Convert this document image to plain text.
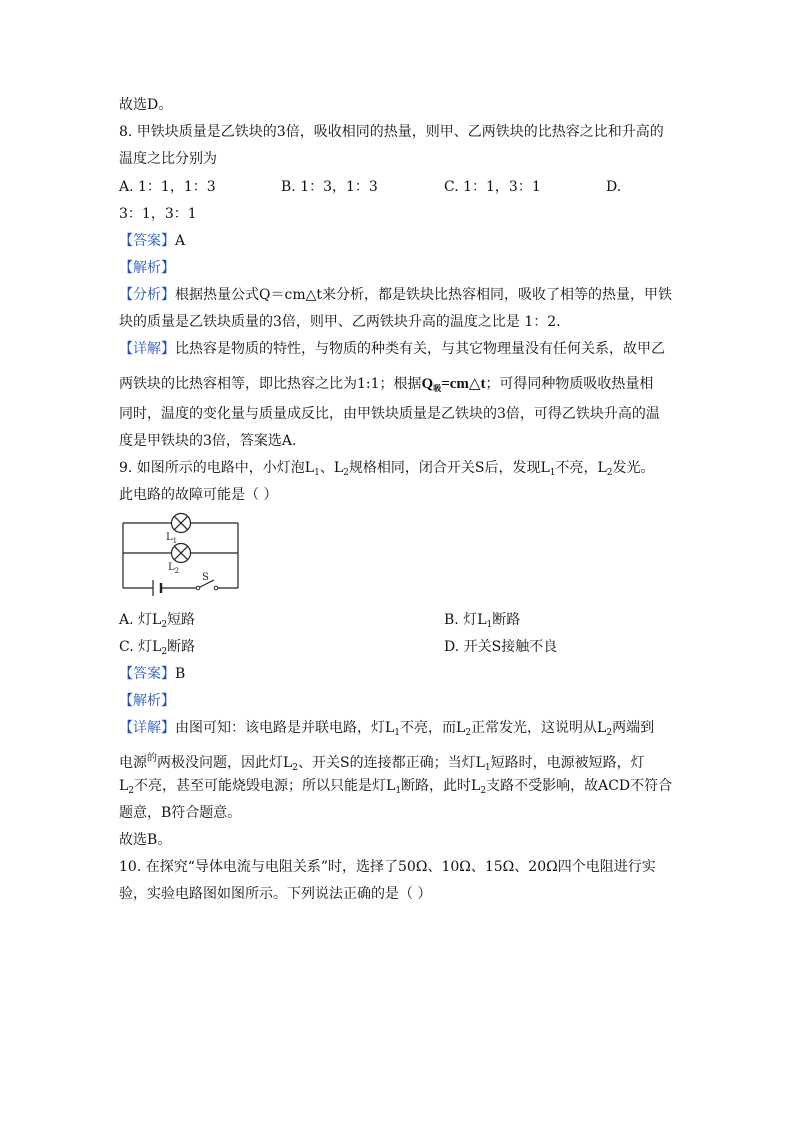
故选D。
8. 甲铁块质量是乙铁块的3倍，吸收相同的热量，则甲、乙两铁块的比热容之比和升高的
温度之比分别为
A. 1：1，1：3	B. 1：3，1：3	C. 1：1，3：1	D.
3：1，3：1
【答案】A
【解析】
【分析】根据热量公式Q＝cm△t来分析，都是铁块比热容相同，吸收了相等的热量，甲铁
块的质量是乙铁块质量的3倍，则甲、乙两铁块升高的温度之比是 1：2.
【详解】比热容是物质的特性，与物质的种类有关，与其它物理量没有任何关系，故甲乙
两铁块的比热容相等，即比热容之比为1:1；根据$Q_吸=cm\triangle t$；可得同种物质吸收热量相
同时，温度的变化量与质量成反比，由甲铁块质量是乙铁块的3倍，可得乙铁块升高的温
度是甲铁块的3倍，答案选A.
9. 如图所示的电路中，小灯泡$L_1$、$L_2$规格相同，闭合开关S后，发现$L_1$不亮，$L_2$发光。
此电路的故障可能是（ ）
$L_1$
$L_2$
S
A. 灯$L_2$短路	B. 灯$L_1$断路
C. 灯$L_2$断路	D. 开关S接触不良
【答案】B
【解析】
【详解】由图可知：该电路是并联电路，灯$L_1$不亮，而$L_2$正常发光，这说明从$L_2$两端到
电源$^的$两极没问题，因此灯$L_2$、开关S的连接都正确；当灯$L_1$短路时，电源被短路，灯
$L_2$不亮，甚至可能烧毁电源；所以只能是灯$L_1$断路，此时$L_2$支路不受影响，故ACD不符合
题意，B符合题意。
故选B。
10. 在探究“导体电流与电阻关系”时，选择了50Ω、10Ω、15Ω、20Ω四个电阻进行实
验，实验电路图如图所示。下列说法正确的是（ ）
